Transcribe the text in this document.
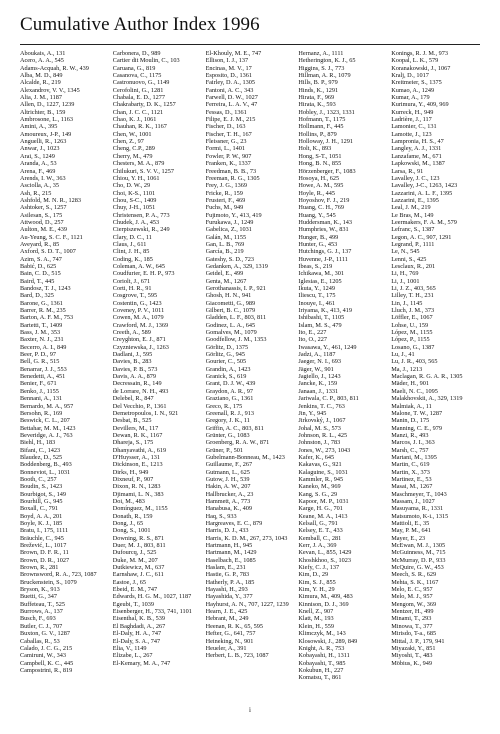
Cumulative Author Index 1996
Aboukais, A., 131
Acero, A. A., 545
Adams-Acquah, R. W., 439
Alba, M. D., 849
Alcalde, R., 219
Alexandrov, V. V., 1345
Alia, J. M., 1187
Allen, D., 1227, 1239
Altrichter, B., 159
Ambrosone, L., 1163
Amini, A., 395
Amoureux, J-P., 149
Anguelli, R., 1263
Anwar, J., 1023
Arai, S., 1249
Aranda, A., 53
Arena, F., 469
Arends, I. W., 363
Asciolla, A., 35
Ash, R., 215
Ashfold, M. N. R., 1283
Ashtoker, S., 1257
Asilesan, S., 175
Attwood, D., 257
Aulton, M. E., 439
Au-Yeung, S. C. F., 1121
Aveyard, R., 85
Axford, S. D. T., 1007
Azim, S. A., 747
Babić, D., 625
Bain, C. D., 515
Baird, T., 445
Bandosz, T. J., 1243
Bard, D., 325
Barone, G., 1361
Barrer, R. M., 235
Barton, A. F. M., 753
Bartetti, T., 1409
Bass, J. M., 353
Baxter, N. J., 231
Becerro, A. I., 849
Beer, P. D., 97
Bell, G. R., 515
Benarrar, J. J., 553
Benedetti, A., 451
Benier, F., 671
Benko, J., 1155
Bennani, A., 131
Bernardo, M. A., 957
Bersohn, R., 169
Beswick, C. L., 207
Bettahar, M. M., 1423
Beveridge, A. J., 763
Biehl, H., 183
Bifani, C., 1423
Blaudez, D., 525
Boddenberg, B., 493
Bonneviot, L., 1031
Booth, C., 257
Boudin, S., 1423
Bourbigot, S., 149
Bourhill, G., 945
Boxall, C., 791
Boyd, A. A., 201
Boyle, K. J., 185
Bratu, I., 175, 1111
Bräuchle, C., 945
Brežević, L., 1017
Brown, D. F. R., 11
Brown, D. R., 1027
Brown, R., 281
Brownsword, R. A., 723, 1087
Bruckenstein, S., 1079
Bryson, K., 913
Buetti, G., 347
Buffeteau, T., 525
Burrows, A., 137
Busch, F., 693
Butler, C. J., 707
Buxton, G. V., 1287
Caballas, R., 53
Calado, J. C. G., 215
Camiruni, W., 343
Campbell, K. C., 445
Campostrini, R., 819
Carbonera, D., 989
Cartier dit Moulin, C., 103
Caruana, G., 819
Casanova, C., 1175
Castronuovo, G., 1149
Cerofolini, G., 1281
Chabala, E. D., 1277
Chakrabarty, D. K., 1257
Chan, J. C. C., 1121
Chao, K. J., 1061
Chauhan, R. K., 1167
Chen, W., 1001
Chen, Z., 97
Cheng, C.P., 289
Cherry, M., 479
Chesters, M. A., 879
Chilukuri, S. V. V., 1257
Chiou, Y. H., 1061
Cho, D. W., 29
Choi, K-S., 1101
Chou, S-C., 1409
Chuy, J-H., 1051
Christensen, P. A., 773
Chudek, J. A., 453
Cierpiszewski, R., 249
Clary, D. C., 11
Claus, J., 611
Clint, J. H., 85
Coding, K., 185
Coleman, A. W., 645
Coudfurier, E. H. P., 973
Coriolt, J., 671
Corti, H. R., 91
Cosgrove, T., 595
Costentin, G., 1423
Coveney, P. V., 1011
Cowen, M. A., 1079
Crawford, M. J., 1369
Creeth, A., 589
Creyghton, E. J., 871
Czyzniewska, J., 1263
Dadlani, J., 595
Davies, B., 283
Davies, P. B., 573
Davis, A. A., 879
Decressain, R., 149
de Lorrare, N. H., 493
Delebel, R., 847
Del Vecchio, P., 1361
Demetropoulos, I. N., 921
Desbat, B., 525
Devillers, M., 117
Dewan, R. K., 1167
Dhareja, S., 175
Dhanyavathi, A., 619
D'Huysser, A., 131
Dickinson, E., 1213
Dirks, H., 949
Dixneuf, P., 907
Dixon, R. N., 1283
Djimami, L. N., 383
Doi, M., 483
Domínguez, M., 1155
Donath, R., 159
Dong, J., 65
Dong, S., 1001
Downing, R. S., 871
Duer, M. J., 803, 811
Dufourcq, J., 525
Duke, M. M., 207
Dutkiewicz, M., 637
Earnshaw, J. C., 611
Eastoe, J., 65
Ebeid, E. M., 747
Edwards, H. G. M., 1027, 1187
Egeubi, T., 1039
Eisenberger, H., 733, 741, 1101
Eisenthal, K. B., 539
El Baghdadi, A., 267
El-Daly, H. A., 747
El-Daly, S. A., 747
Elia, V., 1149
Elizabe, L., 267
El-Kemary, M. A., 747
El-Khouly, M. E., 747
Ellison, I. J., 137
Encinas, M. V., 17
Esposito, D., 1361
Fairley, D. A., 1305
Fantoni, A. C., 343
Farwell, D. W., 1027
Ferreira, L. A. V., 47
Fessas, D., 1361
Filipe, E. J. M., 215
Fischer, D., 163
Fischer, T. H., 167
Fleissner, G., 23
Formi, L., 1401
Fowler, P. W., 907
Franken, K., 1337
Freedman, B. B., 73
Freeman, R. G., 1305
Frey, J. G., 1369
Fricke, R., 159
Frusteri, F., 469
Fuchs, M., 949
Fujimoto, Y., 413, 419
Furukawa, J., 1249
Gabelica, Z., 1031
Galán, M., 1155
Gan, L. B., 769
García, B., 219
Gateshy, S. D., 723
Gedanken, A., 329, 1319
Geidel, E., 499
Genta, M., 1267
Gerothanassis, I. P., 921
Ghosh, H. N., 941
Giacometti, G., 989
Gilbert, B. C., 1079
Gladden, L. F., 803, 811
Godinez, L. A., 645
Gomalves, M., 1079
Goodfellow, J. M., 1353
Görlitz, D., 1375
Görlitz, G., 945
Gourier, C., 505
Grandin, A., 1423
Granick, S., 619
Grant, D. J. W., 439
Graydon, A. R., 97
Graziano, G., 1361
Greco, R., 175
Greenall, R. J., 913
Gregory, J. K., 11
Griffin, A. C., 803, 811
Grünter, G., 1083
Groenberg, R. A. W., 871
Grüner, P., 501
Gubelmann-Bonneau, M., 1423
Guillaume, F., 267
Gutmann, L., 625
Gutow, J. H., 539
Hakin, A. W., 207
Hallbrucker, A., 23
Hammett, A., 773
Hanabusa, K., 409
Haq, S., 933
Hargreaves, E. C., 879
Harris, D. J., 433
Harris, K. D. M., 267, 273, 1043
Hartmann, H., 945
Hartmann, M., 1429
Haselbach, E., 1085
Haslam, E., 231
Hastie, G. P., 783
Hatherly, P. A., 185
Hayashi, H., 293
Hayashida, Y., 377
Hayhurst, A. N., 707, 1227, 1239
Hearn, J. E., 425
Hebrant, M., 249
Heenan, R. K., 65, 595
Hefter, G., 641, 757
Heineking, N., 901
Heueler, A., 391
Herbert, L. B., 723, 1087
Hernanz, A., 1111
Hetherington, K. J., 65
Higgins, S. J., 773
Hillman, A. R., 1079
Hills, B. P., 979
Hinds, K., 1291
Hirata, F., 969
Hirata, K., 593
Hobley, J., 1323, 1331
Hofmann, T., 1175
Hollmann, F., 445
Hollins, P., 879
Holloway, J. H., 1291
Holt, K., 893
Hong, S-T., 1051
Hong, B. N., 855
Hörzenberger, F., 1083
Hosoya, H., 625
Howe, A. M., 595
Hoyle, R., 445
Hoyoshov, F. J., 219
Huang, C. H., 769
Huang, Y., 545
Huddersman, K., 143
Humphries, W., 831
Hunger, B., 499
Hunter, G., 453
Hutchings, G. J., 137
Huvenne, J-P., 1111
Ibeas, S., 219
Ichikawa, M., 301
Iglesias, E., 1205
Ikuta, Y., 1249
Iliescu, T., 175
Inouye, I., 461
Iriyama, K., 413, 419
Ishibashi, T., 1105
Islam, M. S., 479
Ito, E., 227
Ito, O., 227
Iwasawa, Y., 461, 1249
Jadzi, A., 1187
Jaeger, N. I., 693
Jäger, W., 901
Jagiello, J., 1243
Jancke, K., 159
Janaan, J., 1331
Jariwala, C. P., 803, 811
Jenkins, T. C., 763
Jin, Y., 945
Jirkovský, J., 1067
Johal, M. S., 573
Johnson, R. L., 425
Johnston, J., 783
Jones, W., 273, 1043
Kafer, K., 645
Kakavas, G., 921
Kalaguine, S., 1031
Kammler, R., 945
Kaneko, M., 969
Kang, S. G., 29
Kapoor, M. P., 1031
Karge, H. G., 701
Keane, M. A., 1413
Kelsall, G., 791
Kelsey, E. T., 433
Kemball, C., 281
Kerr, J. A., 369
Kevan, L., 855, 1429
Khoshkhoo, S., 1023
Kiefy, C. J., 137
Kim, D., 29
Kim, S. J., 855
Kim, Y. H., 29
Kimura, M., 409, 483
Kinnison, D. J., 369
Knell, Z., 907
Klatt, M., 193
Klein, H., 559
Klimczyk, M., 143
Klosowski, J., 289, 849
Knight, A. R., 753
Kobayashi, H., 1311
Kobayashi, T., 985
Kokubun, H., 227
Komatsu, T., 861
Konings, R. J. M., 973
Koopal, L. K., 579
Koranakowski, J., 1067
Kralj, D., 1017
Kreitmeier, S., 1375
Kumao, A., 1249
Kumar, A., 179
Kurimura, Y., 409, 969
Kurreck, H., 949
Ladrière, J., 117
Lamonier, C., 131
Lamotte, J., 123
Lampronia, H. S., 47
Langley, A. J., 1331
Lanzafame, M., 671
Lapkowski, M., 1387
Larsa, R., 91
Lavalley, J. C., 123
Lavalley, J-C., 1263, 1423
Lazzarini, A. L. F., 1395
Lazzarini, E., 1395
Leal, J. M., 219
Le Bras, M., 149
Leermakers, F. A. M., 579
Lefranc, S., 1387
Legon, A. C., 907, 1291
Legrand, P., 1111
Le, N., 545
Lenni, S., 425
Lesclaux, R., 201
Li, H., 769
Li, J., 1001
Li, J. Z., 403, 565
Lilley, T. H., 231
Lin, J., 1145
Lluch, J. M., 373
Löffler, E., 1067
Lohse, U., 159
López, M., 1155
López, P., 1155
Losano, G., 1387
Lu, J., 41
Lu, J. R., 403, 565
Ma, J., 1213
Maclagan, R. G. A. R., 1305
Mäder, H., 901
Maeli, N. C., 1095
Malakhovskii, A., 329, 1319
Malmiak, A., 11
Malone, T. W., 1287
Manin, D., 175
Manning, C. E., 979
Manzi, R., 493
Marcos, J. I., 363
Marsh, C., 757
Martani, M., 1395
Martin, C., 619
Martin, X., 373
Martinez, E., 53
Masai, M., 1267
Maschmeyer, T., 1043
Massam, J., 1027
Masuyama, R., 1331
Matsumoto, K-i., 1315
Mattioli, E., 35
May, P. M., 641
Mayer, E., 23
McEwan, M. J., 1305
McGuinness, M., 715
McMurray, D. P., 933
McQuire, G. W., 453
Meech, S. R., 629
Mehta, S. K., 1167
Melo, E. C., 957
Melo, M. J., 957
Mengom, W., 369
Mentzer, H., 499
Minami, T., 293
Minowa, T., 377
Mirisdo, T-a., 685
Mittal, J. P., 179, 941
Miyazaki, Y., 851
Miyoshi, T., 483
Möbius, K., 949
i
